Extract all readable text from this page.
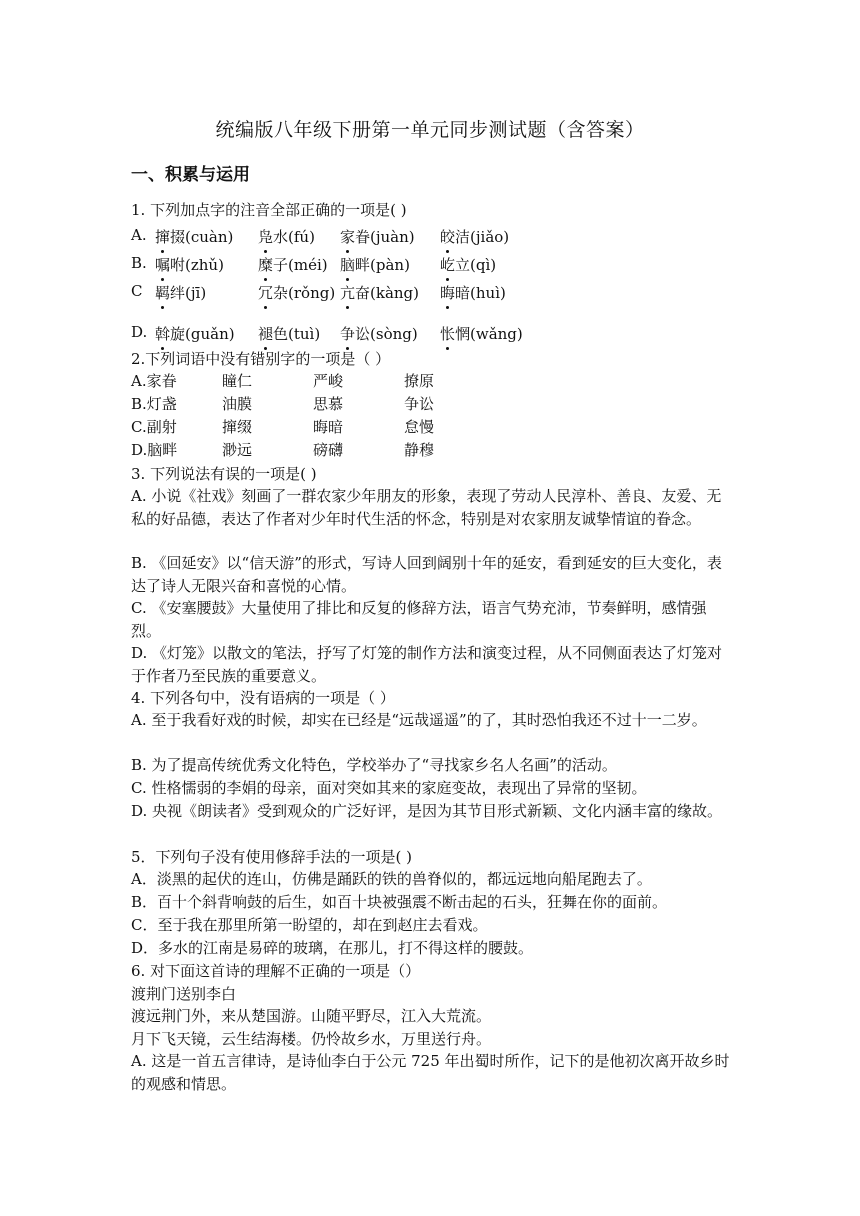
统编版八年级下册第一单元同步测试题（含答案）
一、积累与运用
1. 下列加点字的注音全部正确的一项是( )
A. 撺掇(cuàn) 凫水(fú) 家眷(juàn) 皎洁(jiǎo)
B. 嘱咐(zhǔ) 糜子(méi) 脑畔(pàn) 屹立(qì)
C 羁绊(jī)	冗杂(rǒng) 亢奋(kàng) 晦暗(huì)
D. 斡旋(guǎn) 褪色(tuì) 争讼(sòng) 怅惘(wǎng)
2.下列词语中没有错别字的一项是（ ）
A.家眷	瞳仁	严峻	撩原
B.灯盏	油膜	思慕	争讼
C.副射	撺缀	晦暗	怠慢
D.脑畔	渺远	磅礴	静穆
3. 下列说法有误的一项是( )
A. 小说《社戏》刻画了一群农家少年朋友的形象，表现了劳动人民淳朴、善良、友爱、无私的好品德，表达了作者对少年时代生活的怀念，特别是对农家朋友诚挚情谊的眷念。
B. 《回延安》以“信天游”的形式，写诗人回到阔别十年的延安，看到延安的巨大变化，表达了诗人无限兴奋和喜悦的心情。
C. 《安塞腰鼓》大量使用了排比和反复的修辞方法，语言气势充沛，节奏鲜明，感情强烈。
D. 《灯笼》以散文的笔法，抒写了灯笼的制作方法和演变过程，从不同侧面表达了灯笼对于作者乃至民族的重要意义。
4. 下列各句中，没有语病的一项是（ ）
A. 至于我看好戏的时候，却实在已经是“远哉遥遥”的了，其时恐怕我还不过十一二岁。
B. 为了提高传统优秀文化特色，学校举办了“寻找家乡名人名画”的活动。
C. 性格懦弱的李娟的母亲，面对突如其来的家庭变故，表现出了异常的坚韧。
D. 央视《朗读者》受到观众的广泛好评，是因为其节目形式新颖、文化内涵丰富的缘故。
5．下列句子没有使用修辞手法的一项是( )
A．淡黑的起伏的连山，仿佛是踊跃的铁的兽脊似的，都远远地向船尾跑去了。
B．百十个斜背响鼓的后生，如百十块被强震不断击起的石头，狂舞在你的面前。
C．至于我在那里所第一盼望的，却在到赵庄去看戏。
D．多水的江南是易碎的玻璃，在那儿，打不得这样的腰鼓。
6. 对下面这首诗的理解不正确的一项是（）
渡荆门送别李白
渡远荆门外，来从楚国游。山随平野尽，江入大荒流。
月下飞天镜，云生结海楼。仍怜故乡水，万里送行舟。
A. 这是一首五言律诗，是诗仙李白于公元 725 年出蜀时所作，记下的是他初次离开故乡时的观感和情思。
